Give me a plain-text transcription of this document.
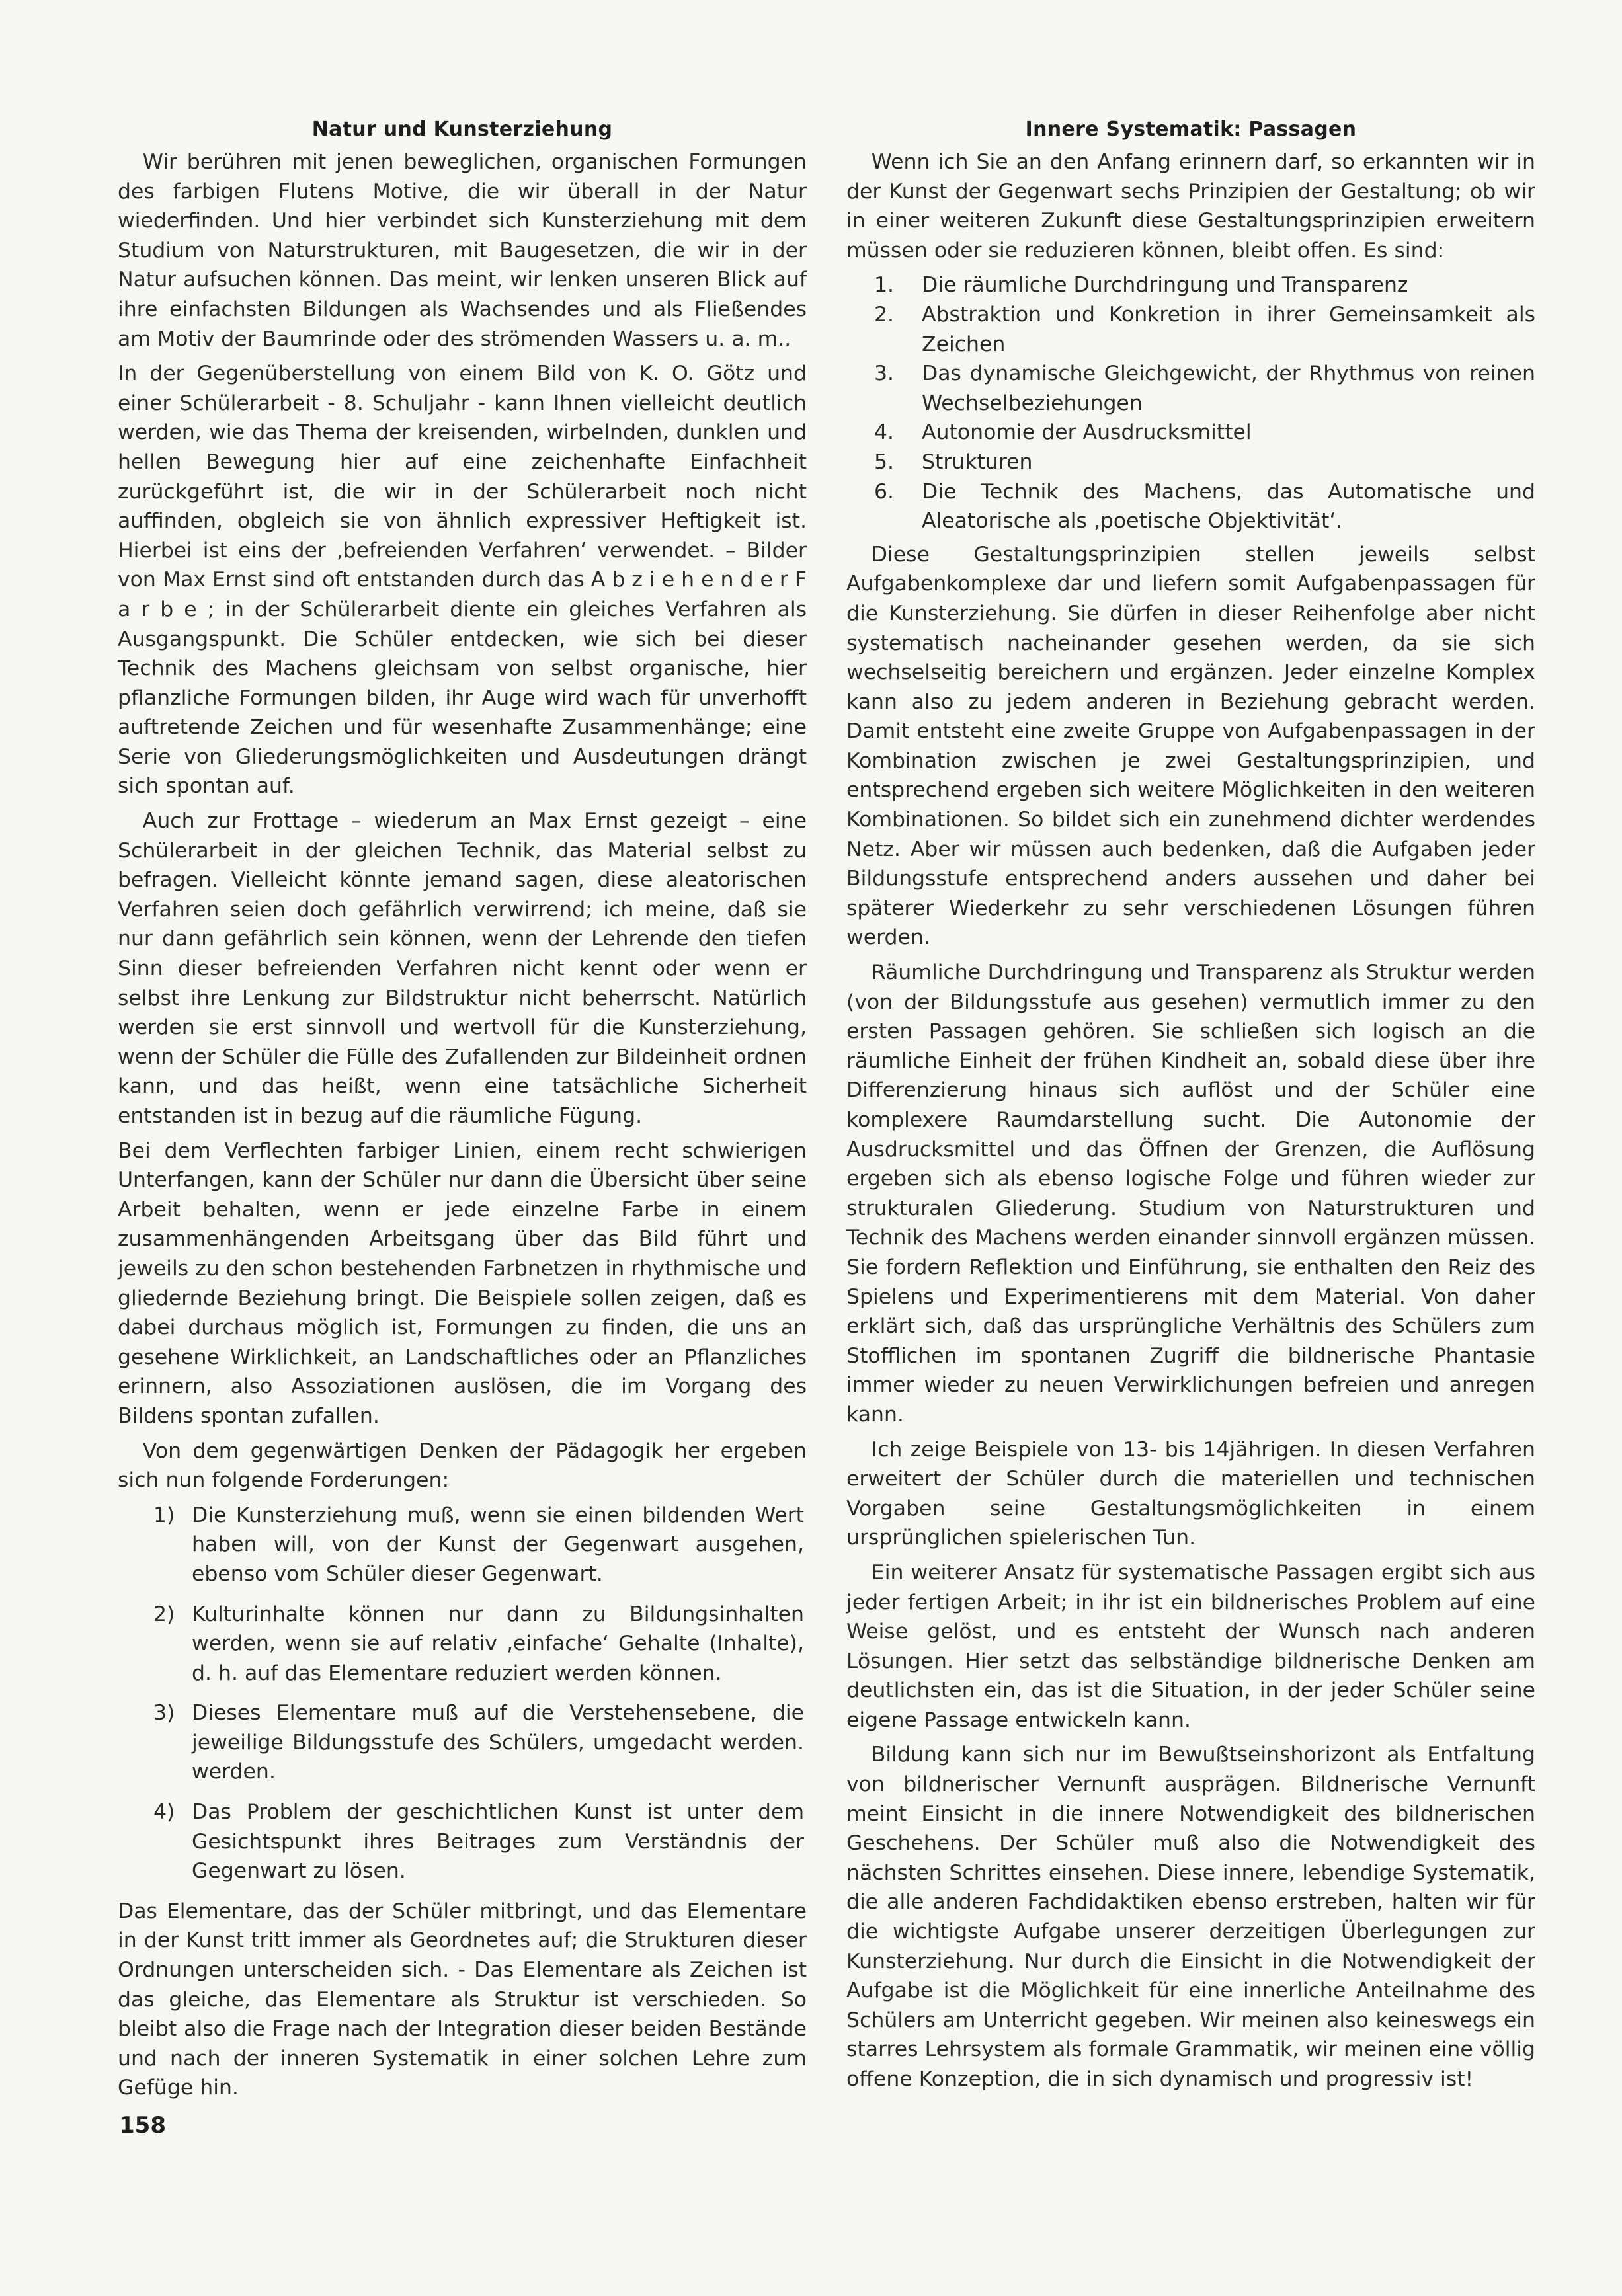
Natur und Kunsterziehung

Wir berühren mit jenen beweglichen, organischen Formungen des farbigen Flutens Motive, die wir überall in der Natur wiederfinden. Und hier verbindet sich Kunsterziehung mit dem Studium von Naturstrukturen, mit Baugesetzen, die wir in der Natur aufsuchen können. Das meint, wir lenken unseren Blick auf ihre einfachsten Bildungen als Wachsendes und als Fließendes am Motiv der Baumrinde oder des strömenden Wassers u. a. m..

In der Gegenüberstellung von einem Bild von K. O. Götz und einer Schülerarbeit - 8. Schuljahr - kann Ihnen vielleicht deutlich werden, wie das Thema der kreisenden, wirbelnden, dunklen und hellen Bewegung hier auf eine zeichenhafte Einfachheit zurückgeführt ist, die wir in der Schülerarbeit noch nicht auffinden, obgleich sie von ähnlich expressiver Heftigkeit ist. Hierbei ist eins der ‚befreienden Verfahren‘ verwendet. – Bilder von Max Ernst sind oft entstanden durch das A b z i e h e n d e r F a r b e ; in der Schülerarbeit diente ein gleiches Verfahren als Ausgangspunkt. Die Schüler entdecken, wie sich bei dieser Technik des Machens gleichsam von selbst organische, hier pflanzliche Formungen bilden, ihr Auge wird wach für unverhofft auftretende Zeichen und für wesenhafte Zusammenhänge; eine Serie von Gliederungsmöglichkeiten und Ausdeutungen drängt sich spontan auf.

Auch zur Frottage – wiederum an Max Ernst gezeigt – eine Schülerarbeit in der gleichen Technik, das Material selbst zu befragen. Vielleicht könnte jemand sagen, diese aleatorischen Verfahren seien doch gefährlich verwirrend; ich meine, daß sie nur dann gefährlich sein können, wenn der Lehrende den tiefen Sinn dieser befreienden Verfahren nicht kennt oder wenn er selbst ihre Lenkung zur Bildstruktur nicht beherrscht. Natürlich werden sie erst sinnvoll und wertvoll für die Kunsterziehung, wenn der Schüler die Fülle des Zufallenden zur Bildeinheit ordnen kann, und das heißt, wenn eine tatsächliche Sicherheit entstanden ist in bezug auf die räumliche Fügung.

Bei dem Verflechten farbiger Linien, einem recht schwierigen Unterfangen, kann der Schüler nur dann die Übersicht über seine Arbeit behalten, wenn er jede einzelne Farbe in einem zusammenhängenden Arbeitsgang über das Bild führt und jeweils zu den schon bestehenden Farbnetzen in rhythmische und gliedernde Beziehung bringt. Die Beispiele sollen zeigen, daß es dabei durchaus möglich ist, Formungen zu finden, die uns an gesehene Wirklichkeit, an Landschaftliches oder an Pflanzliches erinnern, also Assoziationen auslösen, die im Vorgang des Bildens spontan zufallen.

Von dem gegenwärtigen Denken der Pädagogik her ergeben sich nun folgende Forderungen:

1) Die Kunsterziehung muß, wenn sie einen bildenden Wert haben will, von der Kunst der Gegenwart ausgehen, ebenso vom Schüler dieser Gegenwart.
2) Kulturinhalte können nur dann zu Bildungsinhalten werden, wenn sie auf relativ ‚einfache‘ Gehalte (Inhalte), d. h. auf das Elementare reduziert werden können.
3) Dieses Elementare muß auf die Verstehensebene, die jeweilige Bildungsstufe des Schülers, umgedacht werden. werden.
4) Das Problem der geschichtlichen Kunst ist unter dem Gesichtspunkt ihres Beitrages zum Verständnis der Gegenwart zu lösen.

Das Elementare, das der Schüler mitbringt, und das Elementare in der Kunst tritt immer als Geordnetes auf; die Strukturen dieser Ordnungen unterscheiden sich. - Das Elementare als Zeichen ist das gleiche, das Elementare als Struktur ist verschieden. So bleibt also die Frage nach der Integration dieser beiden Bestände und nach der inneren Systematik in einer solchen Lehre zum Gefüge hin.

Innere Systematik: Passagen

Wenn ich Sie an den Anfang erinnern darf, so erkannten wir in der Kunst der Gegenwart sechs Prinzipien der Gestaltung; ob wir in einer weiteren Zukunft diese Gestaltungsprinzipien erweitern müssen oder sie reduzieren können, bleibt offen. Es sind:

1.	Die räumliche Durchdringung und Transparenz
2.	Abstraktion und Konkretion in ihrer Gemeinsamkeit als Zeichen
3.	Das dynamische Gleichgewicht, der Rhythmus von reinen Wechselbeziehungen
4.	Autonomie der Ausdrucksmittel
5.	Strukturen
6.	Die Technik des Machens, das Automatische und Aleatorische als ‚poetische Objektivität‘.

Diese Gestaltungsprinzipien stellen jeweils selbst Aufgabenkomplexe dar und liefern somit Aufgabenpassagen für die Kunsterziehung. Sie dürfen in dieser Reihenfolge aber nicht systematisch nacheinander gesehen werden, da sie sich wechselseitig bereichern und ergänzen. Jeder einzelne Komplex kann also zu jedem anderen in Beziehung gebracht werden. Damit entsteht eine zweite Gruppe von Aufgabenpassagen in der Kombination zwischen je zwei Gestaltungsprinzipien, und entsprechend ergeben sich weitere Möglichkeiten in den weiteren Kombinationen. So bildet sich ein zunehmend dichter werdendes Netz. Aber wir müssen auch bedenken, daß die Aufgaben jeder Bildungsstufe entsprechend anders aussehen und daher bei späterer Wiederkehr zu sehr verschiedenen Lösungen führen werden.

Räumliche Durchdringung und Transparenz als Struktur werden (von der Bildungsstufe aus gesehen) vermutlich immer zu den ersten Passagen gehören. Sie schließen sich logisch an die räumliche Einheit der frühen Kindheit an, sobald diese über ihre Differenzierung hinaus sich auflöst und der Schüler eine komplexere Raumdarstellung sucht. Die Autonomie der Ausdrucksmittel und das Öffnen der Grenzen, die Auflösung ergeben sich als ebenso logische Folge und führen wieder zur strukturalen Gliederung. Studium von Naturstrukturen und Technik des Machens werden einander sinnvoll ergänzen müssen. Sie fordern Reflektion und Einführung, sie enthalten den Reiz des Spielens und Experimentierens mit dem Material. Von daher erklärt sich, daß das ursprüngliche Verhältnis des Schülers zum Stofflichen im spontanen Zugriff die bildnerische Phantasie immer wieder zu neuen Verwirklichungen befreien und anregen kann.

Ich zeige Beispiele von 13- bis 14jährigen. In diesen Verfahren erweitert der Schüler durch die materiellen und technischen Vorgaben seine Gestaltungsmöglichkeiten in einem ursprünglichen spielerischen Tun.

Ein weiterer Ansatz für systematische Passagen ergibt sich aus jeder fertigen Arbeit; in ihr ist ein bildnerisches Problem auf eine Weise gelöst, und es entsteht der Wunsch nach anderen Lösungen. Hier setzt das selbständige bildnerische Denken am deutlichsten ein, das ist die Situation, in der jeder Schüler seine eigene Passage entwickeln kann.

Bildung kann sich nur im Bewußtseinshorizont als Entfaltung von bildnerischer Vernunft ausprägen. Bildnerische Vernunft meint Einsicht in die innere Notwendigkeit des bildnerischen Geschehens. Der Schüler muß also die Notwendigkeit des nächsten Schrittes einsehen. Diese innere, lebendige Systematik, die alle anderen Fachdidaktiken ebenso erstreben, halten wir für die wichtigste Aufgabe unserer derzeitigen Überlegungen zur Kunsterziehung. Nur durch die Einsicht in die Notwendigkeit der Aufgabe ist die Möglichkeit für eine innerliche Anteilnahme des Schülers am Unterricht gegeben. Wir meinen also keineswegs ein starres Lehrsystem als formale Grammatik, wir meinen eine völlig offene Konzeption, die in sich dynamisch und progressiv ist!

158
